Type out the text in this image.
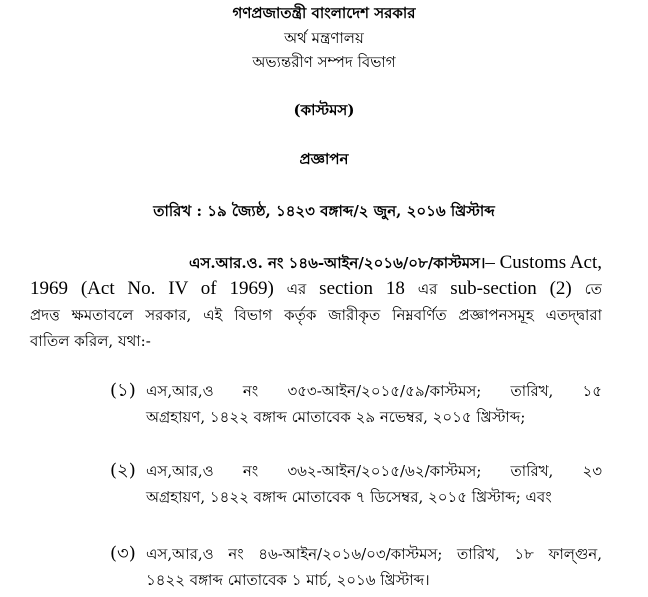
গণপ্রজাতন্ত্রী বাংলাদেশ সরকার
অর্থ মন্ত্রণালয়
অভ্যন্তরীণ সম্পদ বিভাগ
(কাস্টমস)
প্রজ্ঞাপন
তারিখ : ১৯ জ্যৈষ্ঠ, ১৪২৩ বঙ্গাব্দ/২ জুন, ২০১৬ খ্রিস্টাব্দ
এস.আর.ও. নং ১৪৬-আইন/২০১৬/০৮/কাস্টমস।– Customs Act,
1969 (Act No. IV of 1969) এর section 18 এর sub-section (2) তে
প্রদত্ত ক্ষমতাবলে সরকার, এই বিভাগ কর্তৃক জারীকৃত নিম্নবর্ণিত প্রজ্ঞাপনসমূহ এতদ্দ্বারা
বাতিল করিল, যথা:-
(১) এস,আর,ও নং ৩৫৩-আইন/২০১৫/৫৯/কাস্টমস; তারিখ, ১৫
অগ্রহায়ণ, ১৪২২ বঙ্গাব্দ মোতাবেক ২৯ নভেম্বর, ২০১৫ খ্রিস্টাব্দ;
(২) এস,আর,ও নং ৩৬২-আইন/২০১৫/৬২/কাস্টমস; তারিখ, ২৩
অগ্রহায়ণ, ১৪২২ বঙ্গাব্দ মোতাবেক ৭ ডিসেম্বর, ২০১৫ খ্রিস্টাব্দ; এবং
(৩) এস,আর,ও নং ৪৬-আইন/২০১৬/০৩/কাস্টমস; তারিখ, ১৮ ফাল্গুন,
১৪২২ বঙ্গাব্দ মোতাবেক ১ মার্চ, ২০১৬ খ্রিস্টাব্দ।
